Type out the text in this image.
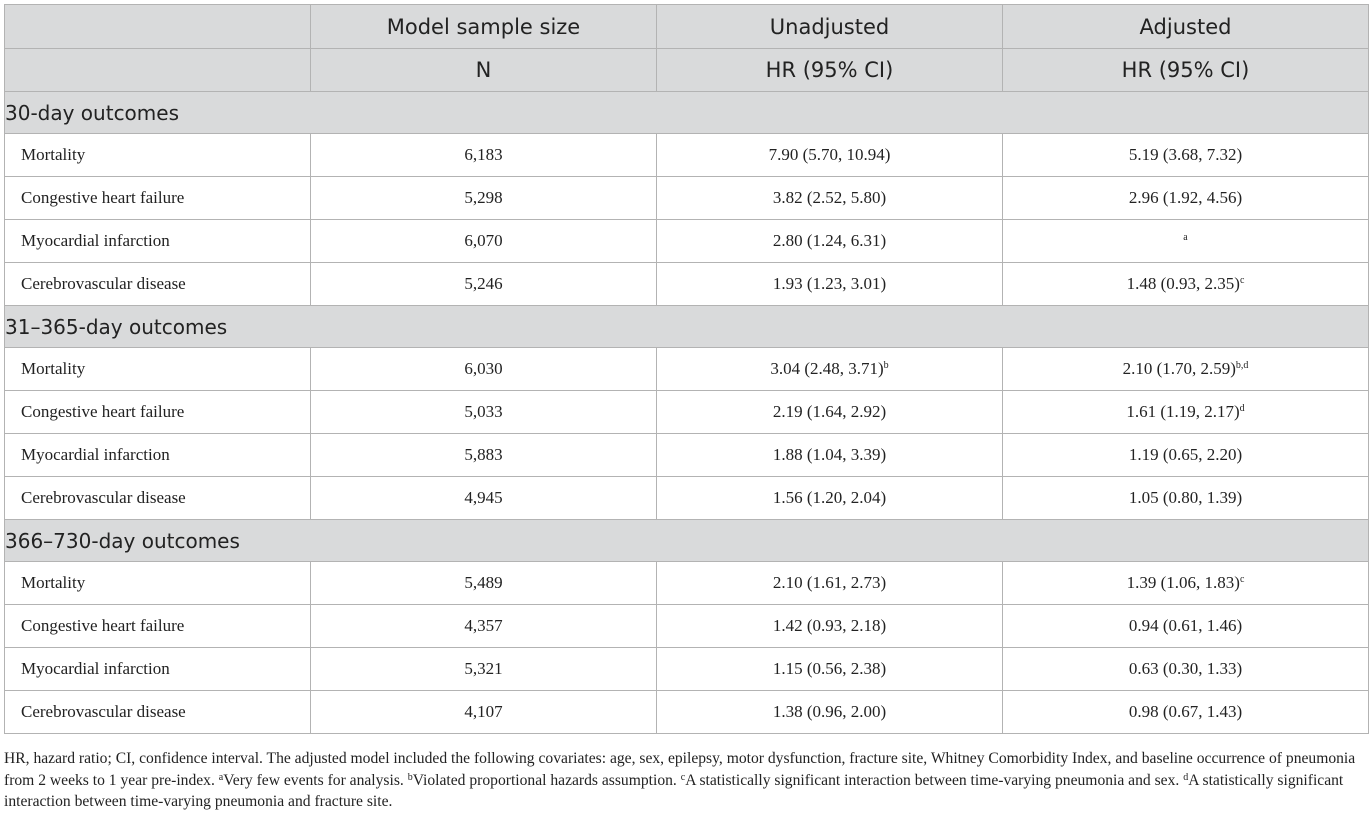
	Model sample size	Unadjusted	Adjusted
	N	HR (95% CI)	HR (95% CI)
30-day outcomes			
Mortality	6,183	7.90 (5.70, 10.94)	5.19 (3.68, 7.32)
Congestive heart failure	5,298	3.82 (2.52, 5.80)	2.96 (1.92, 4.56)
Myocardial infarction	6,070	2.80 (1.24, 6.31)	$^a$
Cerebrovascular disease	5,246	1.93 (1.23, 3.01)	1.48 (0.93, 2.35)$^c$
31–365-day outcomes			
Mortality	6,030	3.04 (2.48, 3.71)$^b$	2.10 (1.70, 2.59)$^{b,d}$
Congestive heart failure	5,033	2.19 (1.64, 2.92)	1.61 (1.19, 2.17)$^d$
Myocardial infarction	5,883	1.88 (1.04, 3.39)	1.19 (0.65, 2.20)
Cerebrovascular disease	4,945	1.56 (1.20, 2.04)	1.05 (0.80, 1.39)
366–730-day outcomes			
Mortality	5,489	2.10 (1.61, 2.73)	1.39 (1.06, 1.83)$^c$
Congestive heart failure	4,357	1.42 (0.93, 2.18)	0.94 (0.61, 1.46)
Myocardial infarction	5,321	1.15 (0.56, 2.38)	0.63 (0.30, 1.33)
Cerebrovascular disease	4,107	1.38 (0.96, 2.00)	0.98 (0.67, 1.43)
HR, hazard ratio; CI, confidence interval. The adjusted model included the following covariates: age, sex, epilepsy, motor dysfunction, fracture site, Whitney Comorbidity Index, and baseline occurrence of pneumonia from 2 weeks to 1 year pre-index. $^a$Very few events for analysis. $^b$Violated proportional hazards assumption. $^c$A statistically significant interaction between time-varying pneumonia and sex. $^d$A statistically significant interaction between time-varying pneumonia and fracture site.
